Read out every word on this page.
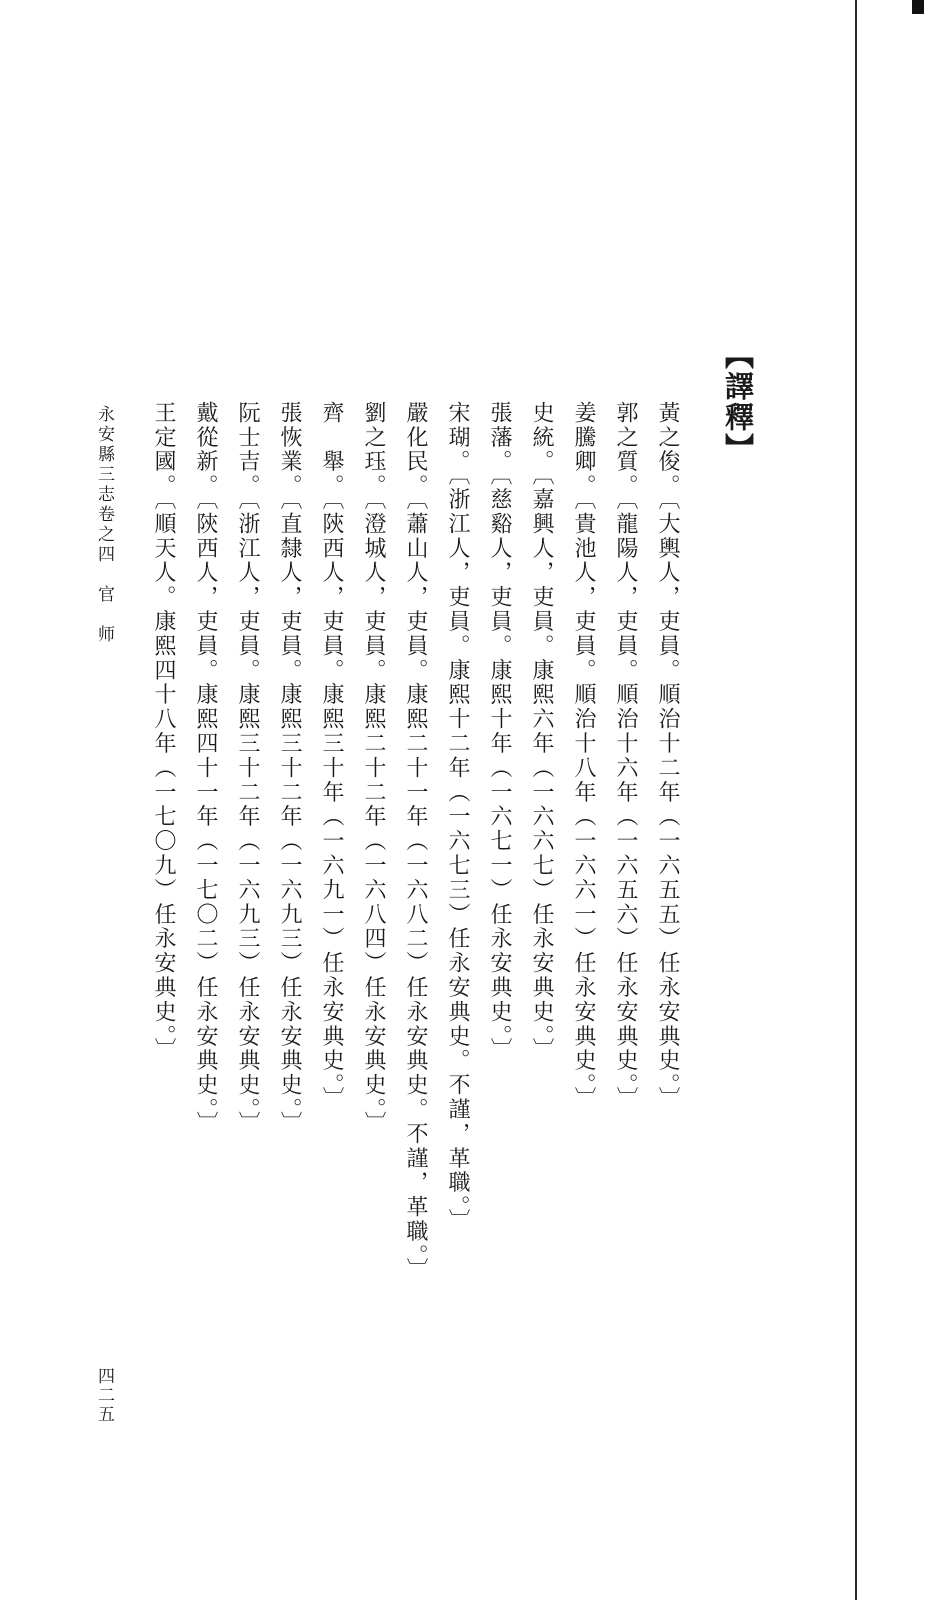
【譯釋】
黃之俊。〔大輿人，吏員。順治十二年（一六五五）任永安典史。〕
郭之質。〔龍陽人，吏員。順治十六年（一六五六）任永安典史。〕
姜騰卿。〔貴池人，吏員。順治十八年（一六六一）任永安典史。〕
史統。〔嘉興人，吏員。康熙六年（一六六七）任永安典史。〕
張藩。〔慈谿人，吏員。康熙十年（一六七一）任永安典史。〕
宋瑚。〔浙江人，吏員。康熙十二年（一六七三）任永安典史。不謹，革職。〕
嚴化民。〔蕭山人，吏員。康熙二十一年（一六八二）任永安典史。不謹，革職。〕
劉之珏。〔澄城人，吏員。康熙二十二年（一六八四）任永安典史。〕
齊　舉。〔陝西人，吏員。康熙三十年（一六九一）任永安典史。〕
張恢業。〔直隸人，吏員。康熙三十二年（一六九三）任永安典史。〕
阮士吉。〔浙江人，吏員。康熙三十二年（一六九三）任永安典史。〕
戴從新。〔陝西人，吏員。康熙四十一年（一七〇二）任永安典史。〕
王定國。〔順天人。康熙四十八年（一七〇九）任永安典史。〕
永安縣三志卷之四　官　师
四二五
